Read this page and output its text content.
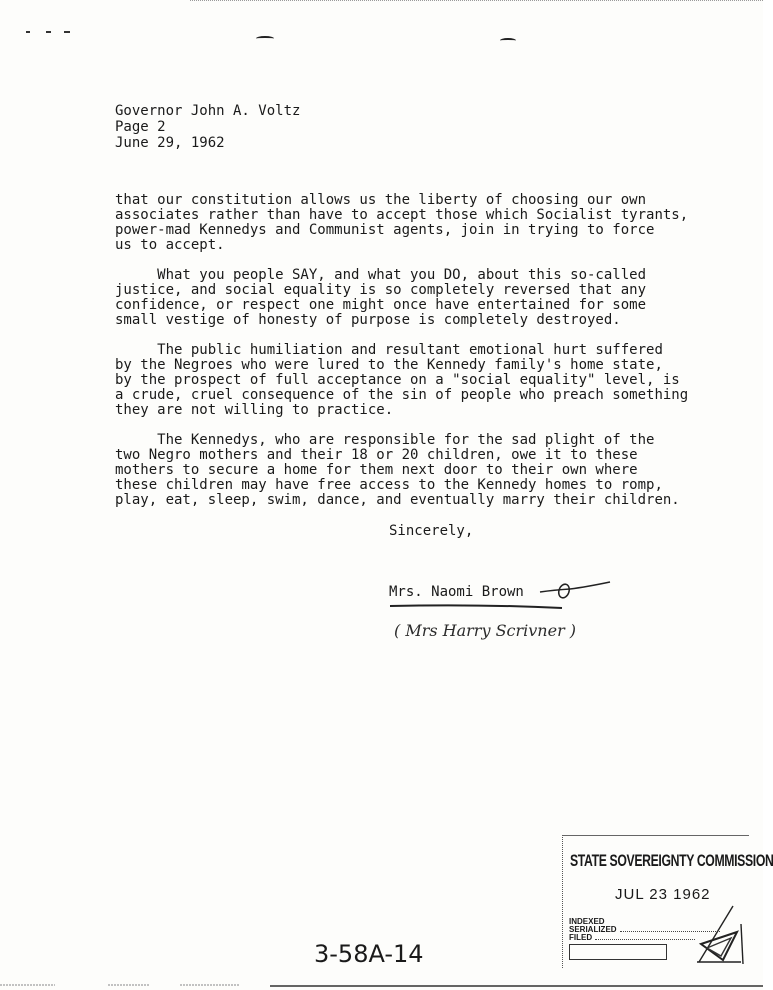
Governor John A. Voltz
Page 2
June 29, 1962

that our constitution allows us the liberty of choosing our own
associates rather than have to accept those which Socialist tyrants,
power-mad Kennedys and Communist agents, join in trying to force
us to accept.

What you people SAY, and what you DO, about this so-called
justice, and social equality is so completely reversed that any
confidence, or respect one might once have entertained for some
small vestige of honesty of purpose is completely destroyed.

The public humiliation and resultant emotional hurt suffered
by the Negroes who were lured to the Kennedy family's home state,
by the prospect of full acceptance on a "social equality" level, is
a crude, cruel consequence of the sin of people who preach something
they are not willing to practice.

The Kennedys, who are responsible for the sad plight of the
two Negro mothers and their 18 or 20 children, owe it to these
mothers to secure a home for them next door to their own where
these children may have free access to the Kennedy homes to romp,
play, eat, sleep, swim, dance, and eventually marry their children.

Sincerely,
Mrs. Naomi Brown
( Mrs Harry Scrivner )
STATE SOVEREIGNTY COMMISSION
JUL 23 1962
INDEXED
SERIALIZED
FILED
3-58A-14
